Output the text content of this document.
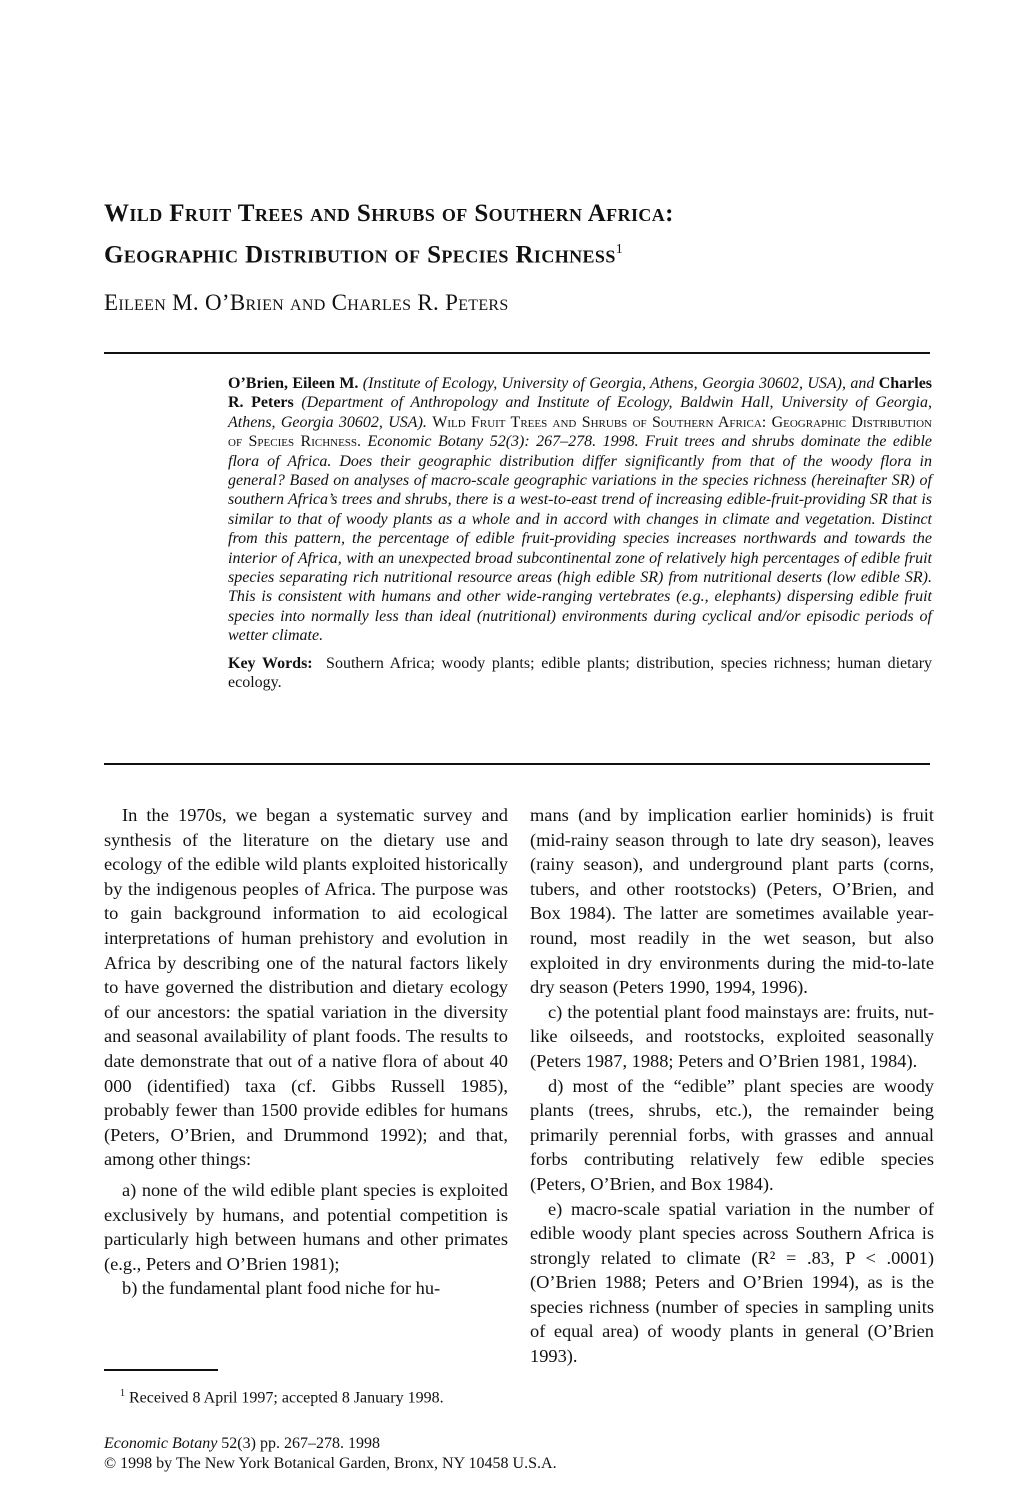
Wild Fruit Trees and Shrubs of Southern Africa:
Geographic Distribution of Species Richness$^1$
Eileen M. O’Brien and Charles R. Peters

O’Brien, Eileen M. (Institute of Ecology, University of Georgia, Athens, Georgia 30602, USA), and Charles R. Peters (Department of Anthropology and Institute of Ecology, Baldwin Hall, University of Georgia, Athens, Georgia 30602, USA). Wild Fruit Trees and Shrubs of Southern Africa: Geographic Distribution of Species Richness. Economic Botany 52(3): 267–278. 1998. Fruit trees and shrubs dominate the edible flora of Africa. Does their geographic distribution differ significantly from that of the woody flora in general? Based on analyses of macro-scale geographic variations in the species richness (hereinafter SR) of southern Africa’s trees and shrubs, there is a west-to-east trend of increasing edible-fruit-providing SR that is similar to that of woody plants as a whole and in accord with changes in climate and vegetation. Distinct from this pattern, the percentage of edible fruit-providing species increases northwards and towards the interior of Africa, with an unexpected broad subcontinental zone of relatively high percentages of edible fruit species separating rich nutritional resource areas (high edible SR) from nutritional deserts (low edible SR). This is consistent with humans and other wide-ranging vertebrates (e.g., elephants) dispersing edible fruit species into normally less than ideal (nutritional) environments during cyclical and/or episodic periods of wetter climate.

Key Words: Southern Africa; woody plants; edible plants; distribution, species richness; human dietary ecology.

In the 1970s, we began a systematic survey and synthesis of the literature on the dietary use and ecology of the edible wild plants exploited historically by the indigenous peoples of Africa. The purpose was to gain background information to aid ecological interpretations of human prehistory and evolution in Africa by describing one of the natural factors likely to have governed the distribution and dietary ecology of our ancestors: the spatial variation in the diversity and seasonal availability of plant foods. The results to date demonstrate that out of a native flora of about 40 000 (identified) taxa (cf. Gibbs Russell 1985), probably fewer than 1500 provide edibles for humans (Peters, O’Brien, and Drummond 1992); and that, among other things:

a) none of the wild edible plant species is exploited exclusively by humans, and potential competition is particularly high between humans and other primates (e.g., Peters and O’Brien 1981);

b) the fundamental plant food niche for hu-

mans (and by implication earlier hominids) is fruit (mid-rainy season through to late dry season), leaves (rainy season), and underground plant parts (corns, tubers, and other rootstocks) (Peters, O’Brien, and Box 1984). The latter are sometimes available year-round, most readily in the wet season, but also exploited in dry environments during the mid-to-late dry season (Peters 1990, 1994, 1996).

c) the potential plant food mainstays are: fruits, nut-like oilseeds, and rootstocks, exploited seasonally (Peters 1987, 1988; Peters and O’Brien 1981, 1984).

d) most of the “edible” plant species are woody plants (trees, shrubs, etc.), the remainder being primarily perennial forbs, with grasses and annual forbs contributing relatively few edible species (Peters, O’Brien, and Box 1984).

e) macro-scale spatial variation in the number of edible woody plant species across Southern Africa is strongly related to climate (R² = .83, P < .0001) (O’Brien 1988; Peters and O’Brien 1994), as is the species richness (number of species in sampling units of equal area) of woody plants in general (O’Brien 1993).

$^1$ Received 8 April 1997; accepted 8 January 1998.
Economic Botany 52(3) pp. 267–278. 1998
© 1998 by The New York Botanical Garden, Bronx, NY 10458 U.S.A.
